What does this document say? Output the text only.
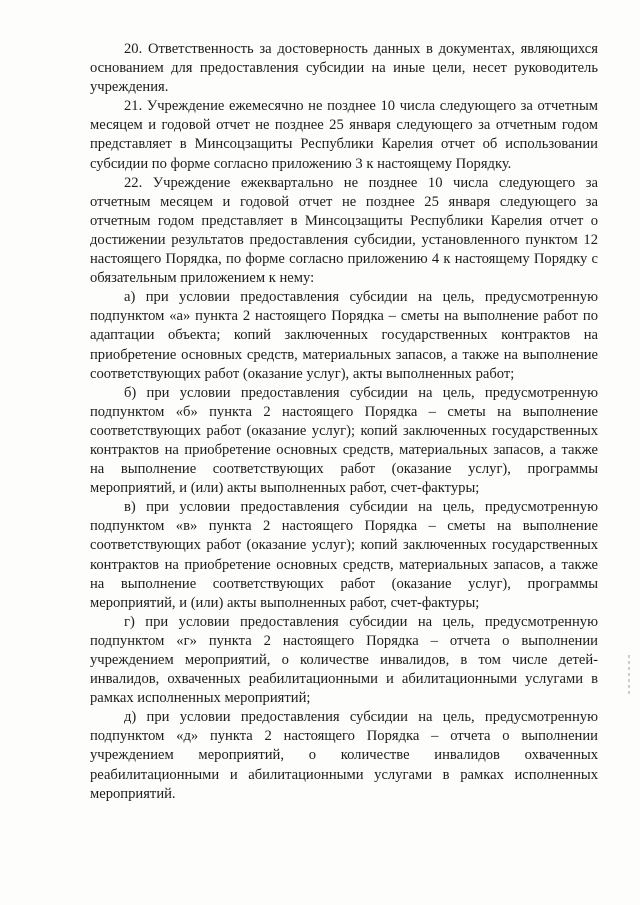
20. Ответственность за достоверность данных в документах, являющихся основанием для предоставления субсидии на иные цели, несет руководитель учреждения.

21. Учреждение ежемесячно не позднее 10 числа следующего за отчетным месяцем и годовой отчет не позднее 25 января следующего за отчетным годом представляет в Минсоцзащиты Республики Карелия отчет об использовании субсидии по форме согласно приложению 3 к настоящему Порядку.

22. Учреждение ежеквартально не позднее 10 числа следующего за отчетным месяцем и годовой отчет не позднее 25 января следующего за отчетным годом представляет в Минсоцзащиты Республики Карелия отчет о достижении результатов предоставления субсидии, установленного пунктом 12 настоящего Порядка, по форме согласно приложению 4 к настоящему Порядку с обязательным приложением к нему:

а) при условии предоставления субсидии на цель, предусмотренную подпунктом «а» пункта 2 настоящего Порядка – сметы на выполнение работ по адаптации объекта; копий заключенных государственных контрактов на приобретение основных средств, материальных запасов, а также на выполнение соответствующих работ (оказание услуг), акты выполненных работ;

б) при условии предоставления субсидии на цель, предусмотренную подпунктом «б» пункта 2 настоящего Порядка – сметы на выполнение соответствующих работ (оказание услуг); копий заключенных государственных контрактов на приобретение основных средств, материальных запасов, а также на выполнение соответствующих работ (оказание услуг), программы мероприятий, и (или) акты выполненных работ, счет-фактуры;

в) при условии предоставления субсидии на цель, предусмотренную подпунктом «в» пункта 2 настоящего Порядка – сметы на выполнение соответствующих работ (оказание услуг); копий заключенных государственных контрактов на приобретение основных средств, материальных запасов, а также на выполнение соответствующих работ (оказание услуг), программы мероприятий, и (или) акты выполненных работ, счет-фактуры;

г) при условии предоставления субсидии на цель, предусмотренную подпунктом «г» пункта 2 настоящего Порядка – отчета о выполнении учреждением мероприятий, о количестве инвалидов, в том числе детей-инвалидов, охваченных реабилитационными и абилитационными услугами в рамках исполненных мероприятий;

д) при условии предоставления субсидии на цель, предусмотренную подпунктом «д» пункта 2 настоящего Порядка – отчета о выполнении учреждением мероприятий, о количестве инвалидов охваченных реабилитационными и абилитационными услугами в рамках исполненных мероприятий.
